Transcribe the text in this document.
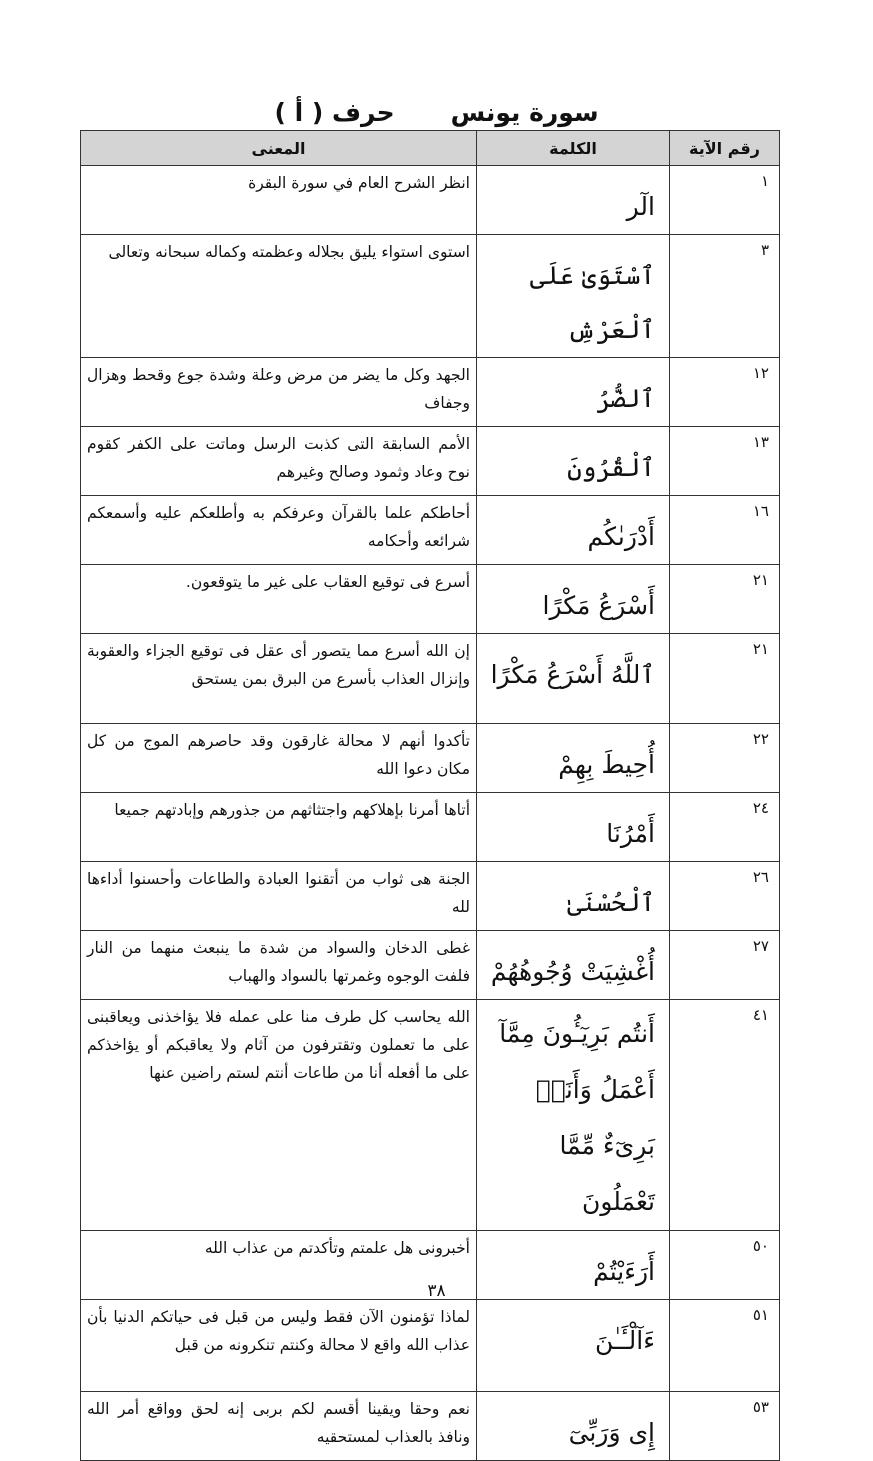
سورة يونسحرف ( أ )
رقم الآية	الكلمة	المعنى
١	الٓر	انظر الشرح العام في سورة البقرة
٣	ٱسْتَوَىٰ عَلَى ٱلْعَرْشِ	استوى استواء يليق بجلاله وعظمته وكماله سبحانه وتعالى
١٢	ٱلضُّرُ	الجهد وكل ما يضر من مرض وعلة وشدة جوع وقحط وهزال وجفاف
١٣	ٱلْقُرُونَ	الأمم السابقة التى كذبت الرسل وماتت على الكفر كقوم نوح وعاد وثمود وصالح وغيرهم
١٦	أَدْرَىٰكُم	أحاطكم علما بالقرآن وعرفكم به وأطلعكم عليه وأسمعكم شرائعه وأحكامه
٢١	أَسْرَعُ مَكْرًا	أسرع فى توقيع العقاب على غير ما يتوقعون.
٢١	ٱللَّهُ أَسْرَعُ مَكْرًا	إن الله أسرع مما يتصور أى عقل فى توقيع الجزاء والعقوبة وإنزال العذاب بأسرع من البرق بمن يستحق
٢٢	أُحِيطَ بِهِمْ	تأكدوا أنهم لا محالة غارقون وقد حاصرهم الموج من كل مكان دعوا الله
٢٤	أَمْرُنَا	أتاها أمرنا بإهلاكهم واجتثاثهم من جذورهم وإبادتهم جميعا
٢٦	ٱلْحُسْنَىٰ	الجنة هى ثواب من أتقنوا العبادة والطاعات وأحسنوا أداءها لله
٢٧	أُغْشِيَتْ وُجُوهُهُمْ	غطى الدخان والسواد من شدة ما ينبعث منهما من النار فلفت الوجوه وغمرتها بالسواد والهباب
٤١	أَنتُم بَرِيٓـُٔونَ مِمَّآ أَعْمَلُ وَأَنَا۠ بَرِىٓءٌ مِّمَّا تَعْمَلُونَ	الله يحاسب كل طرف منا على عمله فلا يؤاخذنى ويعاقبنى على ما تعملون وتقترفون من آثام ولا يعاقبكم أو يؤاخذكم على ما أفعله أنا من طاعات أنتم لستم راضين عنها
٥٠	أَرَءَيْتُمْ	أخبرونى هل علمتم وتأكدتم من عذاب الله
٥١	ءَآلْـَٔـٰنَ	لماذا تؤمنون الآن فقط وليس من قبل فى حياتكم الدنيا بأن عذاب الله واقع لا محالة وكنتم تنكرونه من قبل
٥٣	إِى وَرَبِّىٓ	نعم وحقا ويقينا أقسم لكم بربى إنه لحق وواقع أمر الله ونافذ بالعذاب لمستحقيه
٣٨
